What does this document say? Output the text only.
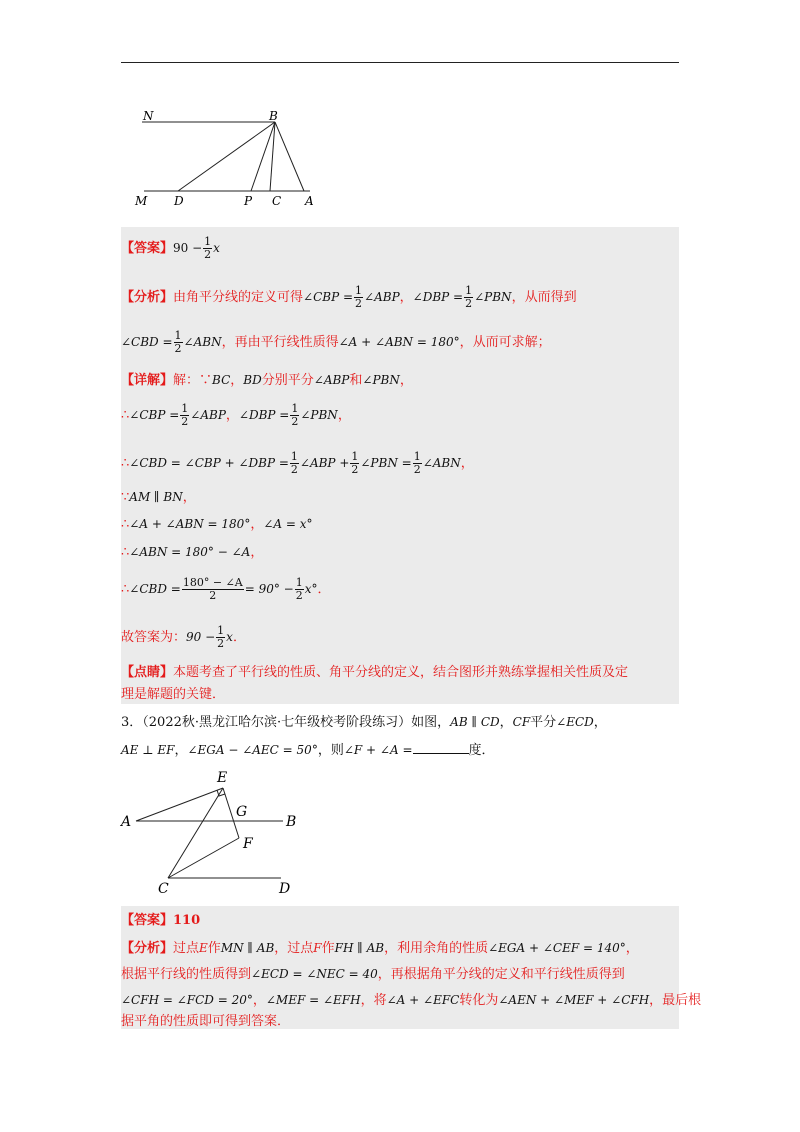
N	B
M D	P C A
【答案】$90 - \frac{1}{2}$ x
【分析】由角平分线的定义可得∠CBP = $\frac{1}{2}$ ∠ABP，∠DBP = $\frac{1}{2}$ ∠PBN，从而得到
∠CBD = $\frac{1}{2}$ ∠ABN，再由平行线性质得∠A + ∠ABN = 180°，从而可求解；
【详解】解：∵BC，BD分别平分∠ABP和∠PBN，
∴∠CBP = $\frac{1}{2}$ ∠ABP，∠DBP = $\frac{1}{2}$ ∠PBN，
∴∠CBD = ∠CBP + ∠DBP = $\frac{1}{2}$ ∠ABP + $\frac{1}{2}$ ∠PBN = $\frac{1}{2}$ ∠ABN，
∵AM ∥ BN，
∴∠A + ∠ABN = 180°，∠A = x°
∴∠ABN = 180° − ∠A，
∴∠CBD = $\frac{180^\circ - \angle A}{2} = 90^\circ - \frac{1}{2} x^\circ$．
故答案为：$90 - \frac{1}{2}$ x．
【点睛】本题考查了平行线的性质、角平分线的定义，结合图形并熟练掌握相关性质及定
理是解题的关键．
3．（2022秋·黑龙江哈尔滨·七年级校考阶段练习）如图，AB ∥ CD，CF平分∠ECD，
AE ⊥ EF，∠EGA − ∠AEC = 50°，则∠F + ∠A =	度．
E
G
A	B
F
C	D
【答案】110
【分析】过点E作MN ∥ AB，过点F作FH ∥ AB，利用余角的性质∠EGA + ∠CEF = 140°，
根据平行线的性质得到∠ECD = ∠NEC = 40，再根据角平分线的定义和平行线性质得到
∠CFH = ∠FCD = 20°，∠MEF = ∠EFH，将∠A + ∠EFC转化为∠AEN + ∠MEF + ∠CFH，最后根
据平角的性质即可得到答案．
